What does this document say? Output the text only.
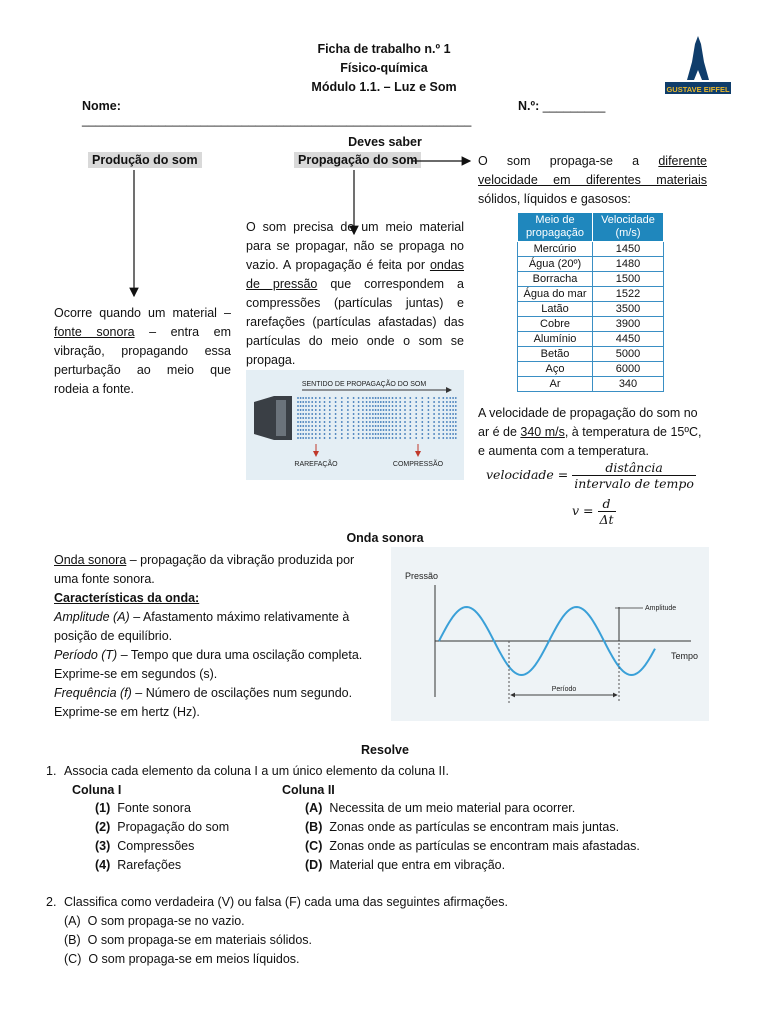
Ficha de trabalho n.º 1
Físico-química
Módulo 1.1. – Luz e Som
Nome: ________________________________________________________
N.º: _________
GUSTAVE EIFFEL
Deves saber
Produção do som	Propagação do som
Ocorre quando um material – fonte sonora – entra em vibração, propagando essa perturbação ao meio que rodeia a fonte.
O som precisa de um meio material para se propagar, não se propaga no vazio. A propagação é feita por ondas de pressão que correspondem a compressões (partículas juntas) e rarefações (partículas afastadas) das partículas do meio onde o som se propaga.
SENTIDO DE PROPAGAÇÃO DO SOM
RAREFAÇÃO	COMPRESSÃO
O som propaga-se a diferente velocidade em diferentes materiais sólidos, líquidos e gasosos:
Meio de propagação	Velocidade (m/s)
Mercúrio	1450
Água (20º)	1480
Borracha	1500
Água do mar	1522
Latão	3500
Cobre	3900
Alumínio	4450
Betão	5000
Aço	6000
Ar	340
A velocidade de propagação do som no ar é de 340 m/s, à temperatura de 15ºC, e aumenta com a temperatura.
velocidade = $\frac{\text{distância}}{\text{intervalo de tempo}}$
$v = \frac{d}{\Delta t}$
Onda sonora
Onda sonora – propagação da vibração produzida por uma fonte sonora.
Características da onda:
Amplitude (A) – Afastamento máximo relativamente à posição de equilíbrio.
Período (T) – Tempo que dura uma oscilação completa.
Exprime-se em segundos (s).
Frequência (f) – Número de oscilações num segundo.
Exprime-se em hertz (Hz).
Pressão
Tempo
Amplitude
Período
Resolve
1. Associa cada elemento da coluna I a um único elemento da coluna II.
Coluna I	Coluna II
(1) Fonte sonora
(2) Propagação do som
(3) Compressões
(4) Rarefações
(A) Necessita de um meio material para ocorrer.
(B) Zonas onde as partículas se encontram mais juntas.
(C) Zonas onde as partículas se encontram mais afastadas.
(D) Material que entra em vibração.
2. Classifica como verdadeira (V) ou falsa (F) cada uma das seguintes afirmações.
(A) O som propaga-se no vazio.
(B) O som propaga-se em materiais sólidos.
(C) O som propaga-se em meios líquidos.
